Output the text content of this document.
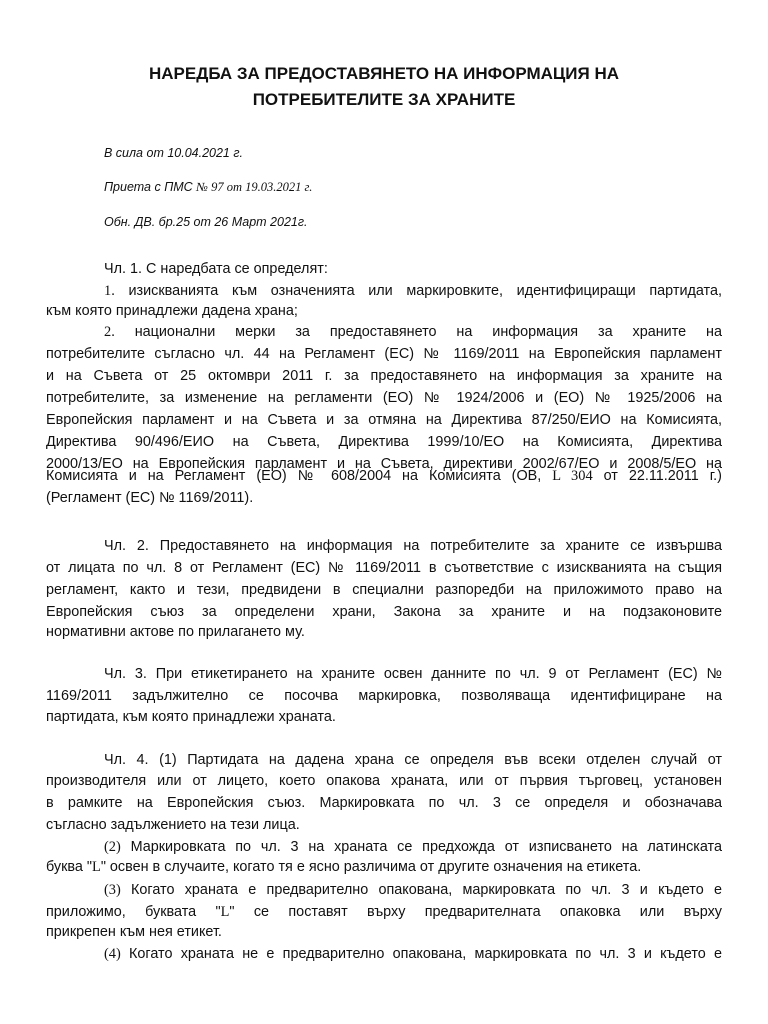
НАРЕДБА ЗА ПРЕДОСТАВЯНЕТО НА ИНФОРМАЦИЯ НА
ПОТРЕБИТЕЛИТЕ ЗА ХРАНИТЕ
В сила от 10.04.2021 г.
Приета с ПМС № 97 от 19.03.2021 г.
Обн. ДВ. бр.25 от 26 Март 2021г.
Чл. 1. С наредбата се определят:
1. изискванията към означенията или маркировките, идентифициращи партидата,
към която принадлежи дадена храна;
2. национални мерки за предоставянето на информация за храните на
потребителите съгласно чл. 44 на Регламент (ЕС) № 1169/2011 на Европейския парламент
и на Съвета от 25 октомври 2011 г. за предоставянето на информация за храните на
потребителите, за изменение на регламенти (ЕО) № 1924/2006 и (ЕО) № 1925/2006 на
Европейския парламент и на Съвета и за отмяна на Директива 87/250/ЕИО на Комисията,
Директива 90/496/ЕИО на Съвета, Директива 1999/10/ЕО на Комисията, Директива
2000/13/ЕО на Европейския парламент и на Съвета, директиви 2002/67/ЕО и 2008/5/ЕО на
Комисията и на Регламент (ЕО) № 608/2004 на Комисията (ОВ, L 304 от 22.11.2011 г.)
(Регламент (ЕС) № 1169/2011).
Чл. 2. Предоставянето на информация на потребителите за храните се извършва
от лицата по чл. 8 от Регламент (ЕС) № 1169/2011 в съответствие с изискванията на същия
регламент, както и тези, предвидени в специални разпоредби на приложимото право на
Европейския съюз за определени храни, Закона за храните и на подзаконовите
нормативни актове по прилагането му.
Чл. 3. При етикетирането на храните освен данните по чл. 9 от Регламент (ЕС) №
1169/2011 задължително се посочва маркировка, позволяваща идентифициране на
партидата, към която принадлежи храната.
Чл. 4. (1) Партидата на дадена храна се определя във всеки отделен случай от
производителя или от лицето, което опакова храната, или от първия търговец, установен
в рамките на Европейския съюз. Маркировката по чл. 3 се определя и обозначава
съгласно задължението на тези лица.
(2) Маркировката по чл. 3 на храната се предхожда от изписването на латинската
буква "L" освен в случаите, когато тя е ясно различима от другите означения на етикета.
(3) Когато храната е предварително опакована, маркировката по чл. 3 и където е
приложимо, буквата "L" се поставят върху предварителната опаковка или върху
прикрепен към нея етикет.
(4) Когато храната не е предварително опакована, маркировката по чл. 3 и където е
